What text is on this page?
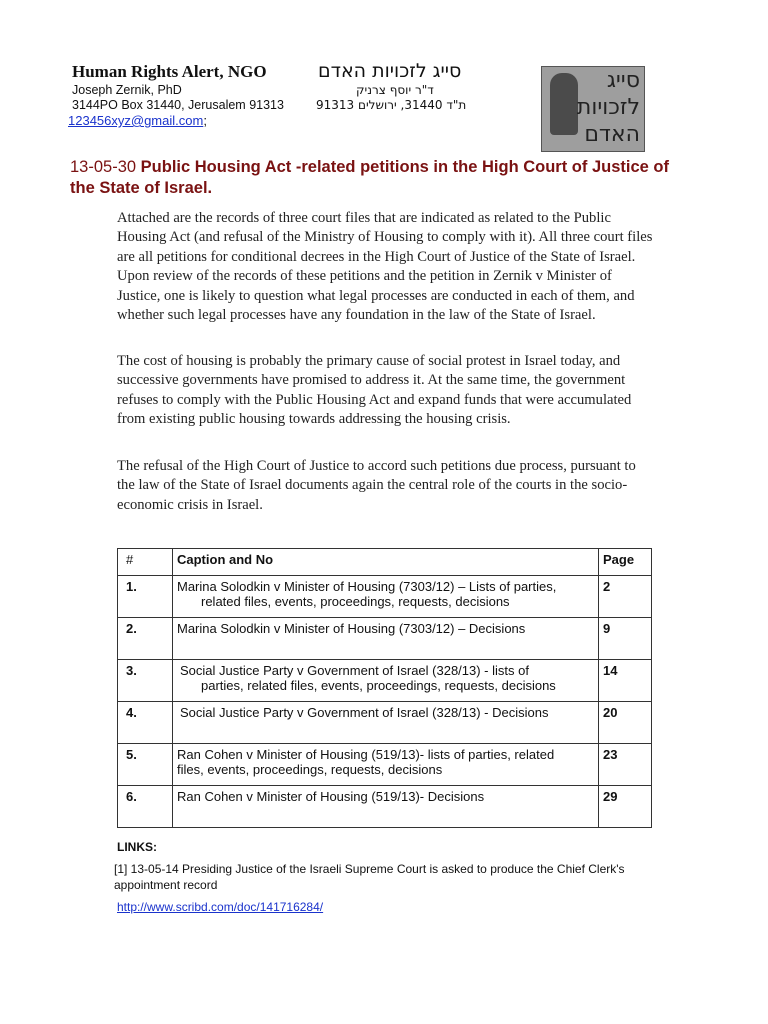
Human Rights Alert, NGO	סייג לזכויות האדם
Joseph Zernik, PhD	ד"ר יוסף צרניק
3144PO Box 31440, Jerusalem 91313	ת"ד 31440, ירושלים 91313
123456xyz@gmail.com;
סייג
לזכויות
האדם
13-05-30 Public Housing Act -related petitions in the High Court of Justice of the State of Israel.

Attached are the records of three court files that are indicated as related to the Public Housing Act (and refusal of the Ministry of Housing to comply with it). All three court files are all petitions for conditional decrees in the High Court of Justice of the State of Israel. Upon review of the records of these petitions and the petition in Zernik v Minister of Justice, one is likely to question what legal processes are conducted in each of them, and whether such legal processes have any foundation in the law of the State of Israel.

The cost of housing is probably the primary cause of social protest in Israel today, and successive governments have promised to address it. At the same time, the government refuses to comply with the Public Housing Act and expand funds that were accumulated from existing public housing towards addressing the housing crisis.

The refusal of the High Court of Justice to accord such petitions due process, pursuant to the law of the State of Israel documents again the central role of the courts in the socio-economic crisis in Israel.

#	Caption and No	Page
1.	Marina Solodkin v Minister of Housing (7303/12) – Lists of parties,
related files, events, proceedings, requests, decisions	2
2.	Marina Solodkin v Minister of Housing (7303/12) – Decisions	9
3.	Social Justice Party v Government of Israel (328/13) - lists of
parties, related files, events, proceedings, requests, decisions	14
4.	Social Justice Party v Government of Israel (328/13) - Decisions	20
5.	Ran Cohen v Minister of Housing (519/13)- lists of parties, related
files, events, proceedings, requests, decisions	23
6.	Ran Cohen v Minister of Housing (519/13)- Decisions	29
LINKS:
[1] 13-05-14 Presiding Justice of the Israeli Supreme Court is asked to produce the Chief Clerk's appointment record
http://www.scribd.com/doc/141716284/
